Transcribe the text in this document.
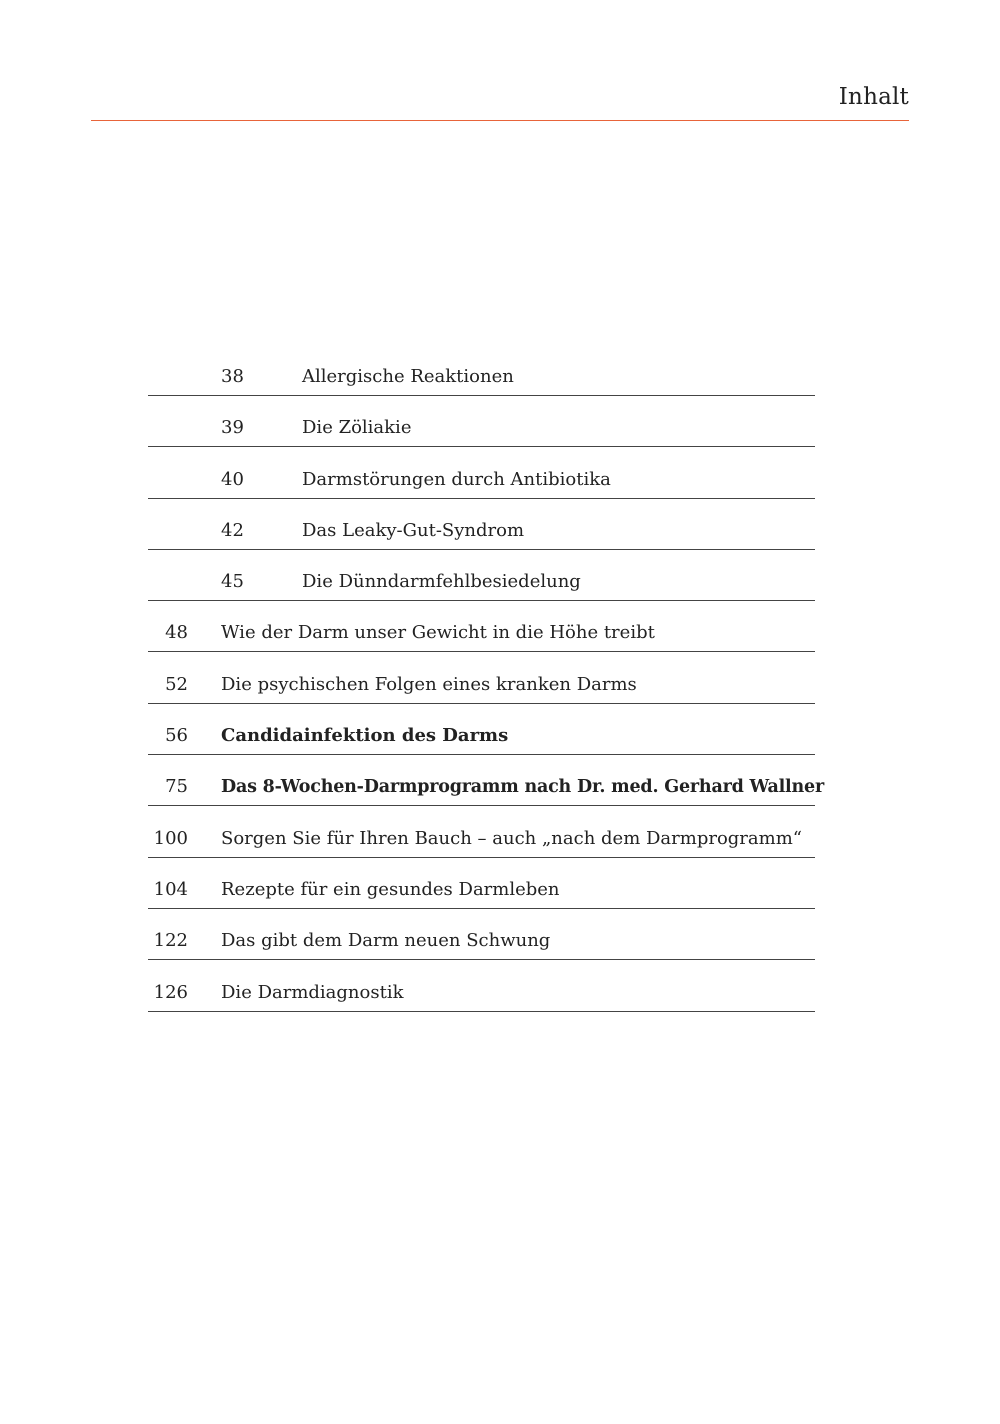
Inhalt
38	Allergische Reaktionen
39	Die Zöliakie
40	Darmstörungen durch Antibiotika
42	Das Leaky-Gut-Syndrom
45	Die Dünndarmfehlbesiedelung
48 Wie der Darm unser Gewicht in die Höhe treibt
52 Die psychischen Folgen eines kranken Darms
56 Candidainfektion des Darms
75 Das 8-Wochen-Darmprogramm nach Dr. med. Gerhard Wallner
100 Sorgen Sie für Ihren Bauch – auch „nach dem Darmprogramm“
104 Rezepte für ein gesundes Darmleben
122 Das gibt dem Darm neuen Schwung
126 Die Darmdiagnostik
